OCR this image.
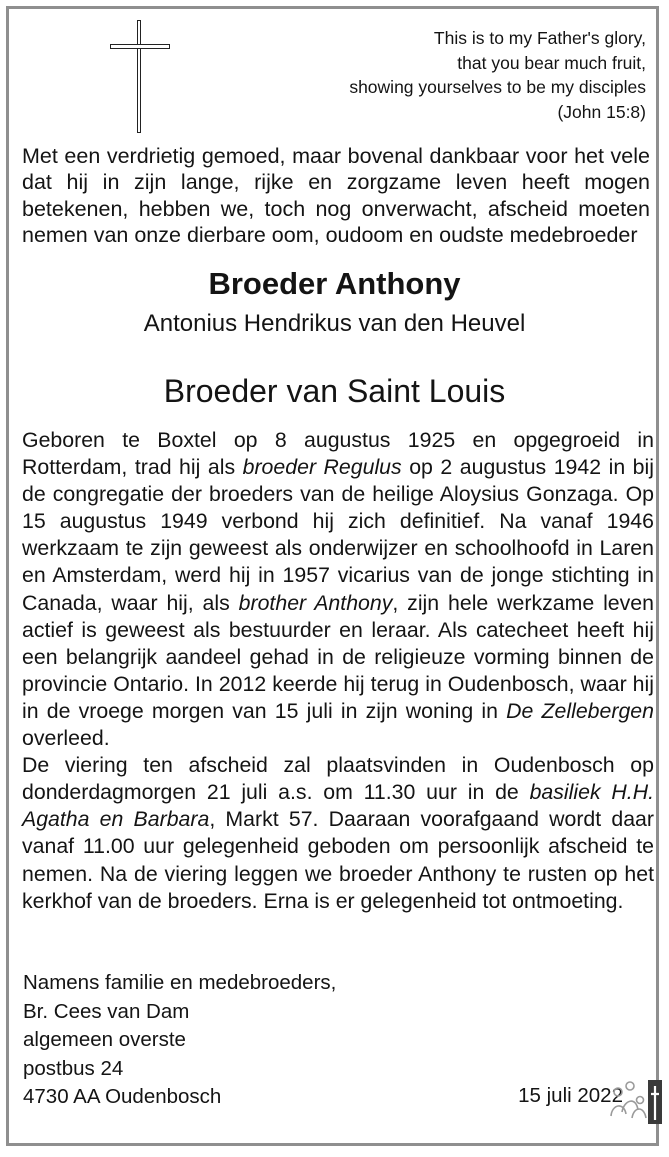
This is to my Father's glory,
that you bear much fruit,
showing yourselves to be my disciples
(John 15:8)
Met een verdrietig gemoed, maar bovenal dankbaar voor het vele dat hij in zijn lange, rijke en zorgzame leven heeft mogen betekenen, hebben we, toch nog onverwacht, afscheid moeten nemen van onze dierbare oom, oudoom en oudste medebroeder
Broeder Anthony
Antonius Hendrikus van den Heuvel
Broeder van Saint Louis

Geboren te Boxtel op 8 augustus 1925 en opgegroeid in Rotterdam, trad hij als broeder Regulus op 2 augustus 1942 in bij de congregatie der broeders van de heilige Aloysius Gonzaga. Op 15 augustus 1949 verbond hij zich definitief. Na vanaf 1946 werkzaam te zijn geweest als onderwijzer en schoolhoofd in Laren en Amsterdam, werd hij in 1957 vicarius van de jonge stichting in Canada, waar hij, als brother Anthony, zijn hele werkzame leven actief is geweest als bestuurder en leraar. Als catecheet heeft hij een belangrijk aandeel gehad in de religieuze vorming binnen de provincie Ontario. In 2012 keerde hij terug in Oudenbosch, waar hij in de vroege morgen van 15 juli in zijn woning in De Zellebergen overleed.

De viering ten afscheid zal plaatsvinden in Oudenbosch op donderdagmorgen 21 juli a.s. om 11.30 uur in de basiliek H.H. Agatha en Barbara, Markt 57. Daaraan voorafgaand wordt daar vanaf 11.00 uur gelegenheid geboden om persoonlijk afscheid te nemen. Na de viering leggen we broeder Anthony te rusten op het kerkhof van de broeders. Erna is er gelegenheid tot ontmoeting.

Namens familie en medebroeders,
Br. Cees van Dam
algemeen overste
postbus 24
4730 AA Oudenbosch	15 juli 2022
